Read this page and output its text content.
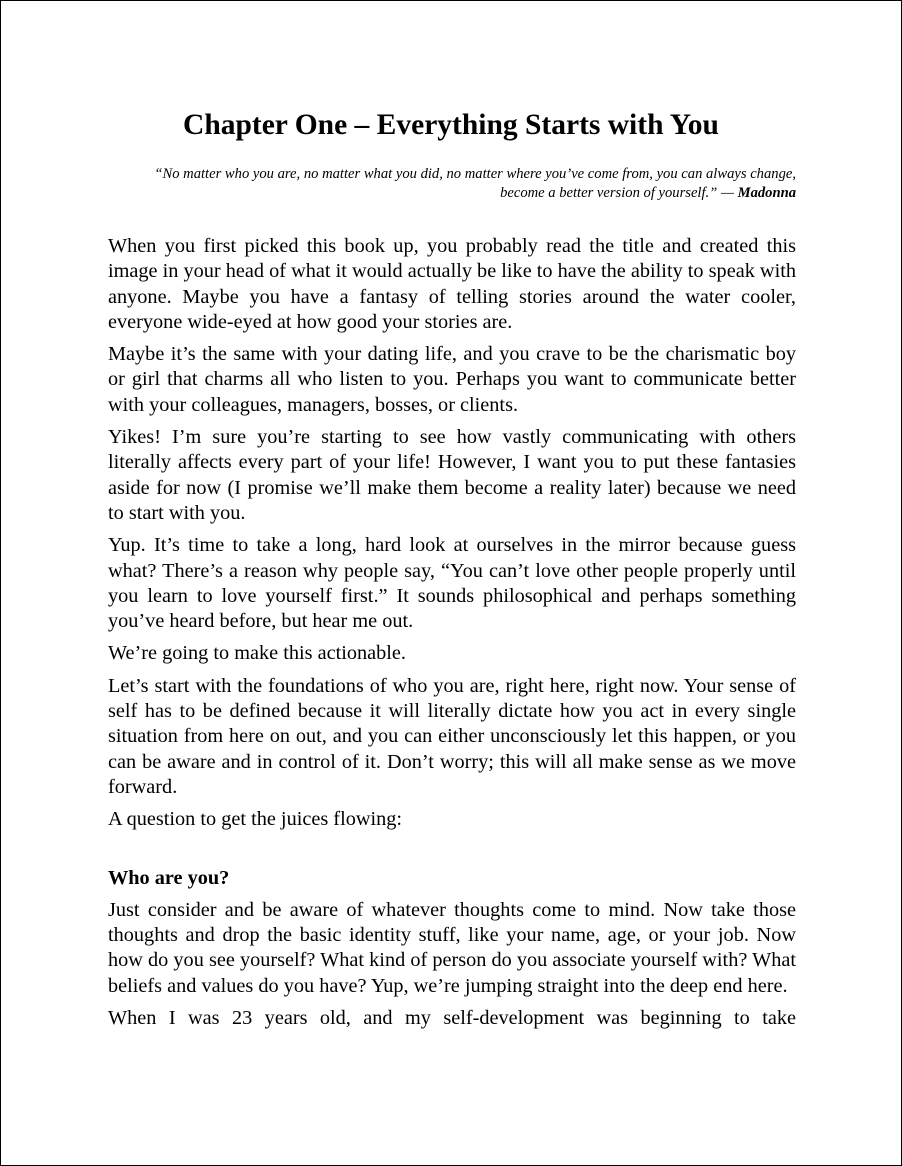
Chapter One – Everything Starts with You
“No matter who you are, no matter what you did, no matter where you’ve come from, you can always change, become a better version of yourself.” — Madonna

When you first picked this book up, you probably read the title and created this image in your head of what it would actually be like to have the ability to speak with anyone. Maybe you have a fantasy of telling stories around the water cooler, everyone wide-eyed at how good your stories are.

Maybe it’s the same with your dating life, and you crave to be the charismatic boy or girl that charms all who listen to you. Perhaps you want to communicate better with your colleagues, managers, bosses, or clients.

Yikes! I’m sure you’re starting to see how vastly communicating with others literally affects every part of your life! However, I want you to put these fantasies aside for now (I promise we’ll make them become a reality later) because we need to start with you.

Yup. It’s time to take a long, hard look at ourselves in the mirror because guess what? There’s a reason why people say, “You can’t love other people properly until you learn to love yourself first.” It sounds philosophical and perhaps something you’ve heard before, but hear me out.

We’re going to make this actionable.

Let’s start with the foundations of who you are, right here, right now. Your sense of self has to be defined because it will literally dictate how you act in every single situation from here on out, and you can either unconsciously let this happen, or you can be aware and in control of it. Don’t worry; this will all make sense as we move forward.

A question to get the juices flowing:

Who are you?

Just consider and be aware of whatever thoughts come to mind. Now take those thoughts and drop the basic identity stuff, like your name, age, or your job. Now how do you see yourself? What kind of person do you associate yourself with? What beliefs and values do you have? Yup, we’re jumping straight into the deep end here.

When I was 23 years old, and my self-development was beginning to take
